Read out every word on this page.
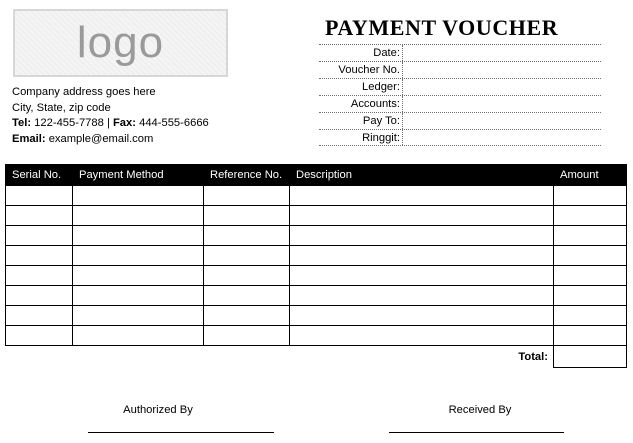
logo
Company address goes here
City, State, zip code
Tel: 122-455-7788 | Fax: 444-555-6666
Email: example@email.com
PAYMENT VOUCHER
Date:
Voucher No.
Ledger:
Accounts:
Pay To:
Ringgit:
Serial No.	Payment Method	Reference No.	Description	Amount

			Total:	
Authorized By	Received By
